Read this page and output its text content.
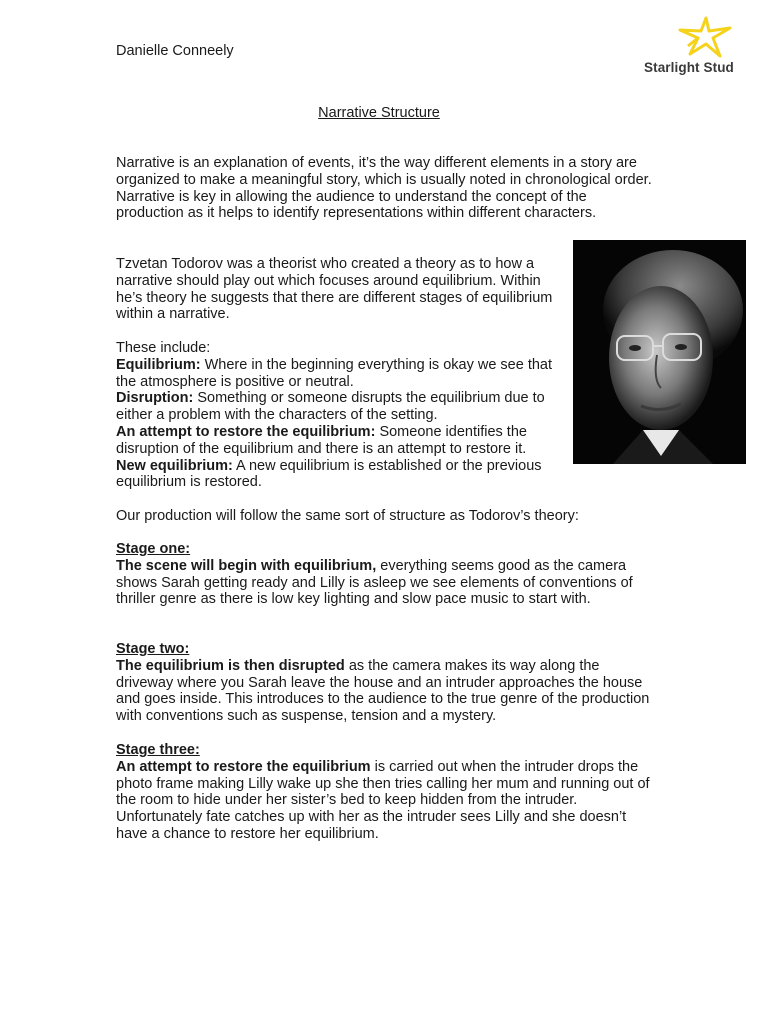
Danielle Conneely
Starlight Stud
Narrative Structure

Narrative is an explanation of events, it’s the way different elements in a story are organized to make a meaningful story, which is usually noted in chronological order. Narrative is key in allowing the audience to understand the concept of the production as it helps to identify representations within different characters.

Tzvetan Todorov was a theorist who created a theory as to how a narrative should play out which focuses around equilibrium. Within he’s theory he suggests that there are different stages of equilibrium within a narrative.

These include:

Equilibrium: Where in the beginning everything is okay we see that the atmosphere is positive or neutral.

Disruption: Something or someone disrupts the equilibrium due to either a problem with the characters of the setting.

An attempt to restore the equilibrium: Someone identifies the disruption of the equilibrium and there is an attempt to restore it.

New equilibrium: A new equilibrium is established or the previous equilibrium is restored.

Our production will follow the same sort of structure as Todorov’s theory:

Stage one:

The scene will begin with equilibrium, everything seems good as the camera shows Sarah getting ready and Lilly is asleep we see elements of conventions of thriller genre as there is low key lighting and slow pace music to start with.

Stage two:

The equilibrium is then disrupted as the camera makes its way along the driveway where you Sarah leave the house and an intruder approaches the house and goes inside. This introduces to the audience to the true genre of the production with conventions such as suspense, tension and a mystery.

Stage three:

An attempt to restore the equilibrium is carried out when the intruder drops the photo frame making Lilly wake up she then tries calling her mum and running out of the room to hide under her sister’s bed to keep hidden from the intruder. Unfortunately fate catches up with her as the intruder sees Lilly and she doesn’t have a chance to restore her equilibrium.
